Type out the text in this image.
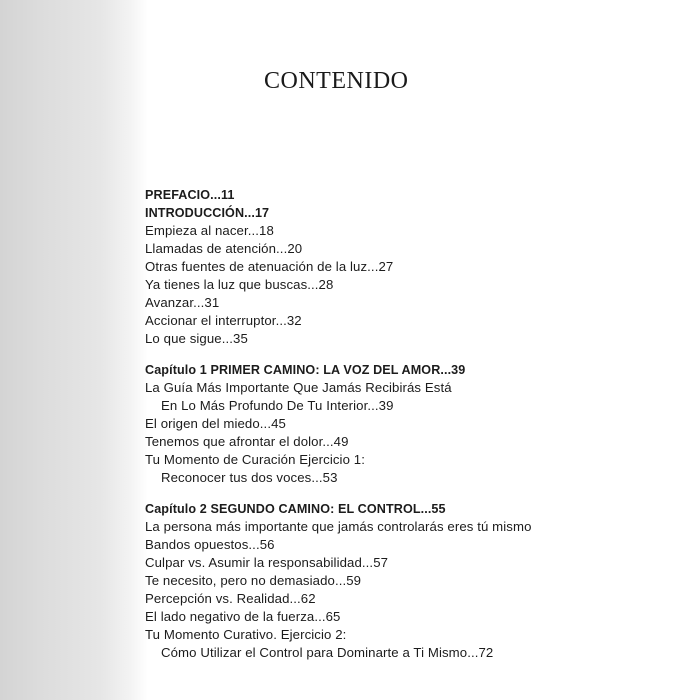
CONTENIDO
PREFACIO...11
INTRODUCCIÓN...17
Empieza al nacer...18
Llamadas de atención...20
Otras fuentes de atenuación de la luz...27
Ya tienes la luz que buscas...28
Avanzar...31
Accionar el interruptor...32
Lo que sigue...35
Capítulo 1 PRIMER CAMINO: LA VOZ DEL AMOR...39
La Guía Más Importante Que Jamás Recibirás Está
En Lo Más Profundo De Tu Interior...39
El origen del miedo...45
Tenemos que afrontar el dolor...49
Tu Momento de Curación Ejercicio 1:
Reconocer tus dos voces...53
Capítulo 2 SEGUNDO CAMINO: EL CONTROL...55
La persona más importante que jamás controlarás eres tú mismo
Bandos opuestos...56
Culpar vs. Asumir la responsabilidad...57
Te necesito, pero no demasiado...59
Percepción vs. Realidad...62
El lado negativo de la fuerza...65
Tu Momento Curativo. Ejercicio 2:
Cómo Utilizar el Control para Dominarte a Ti Mismo...72
